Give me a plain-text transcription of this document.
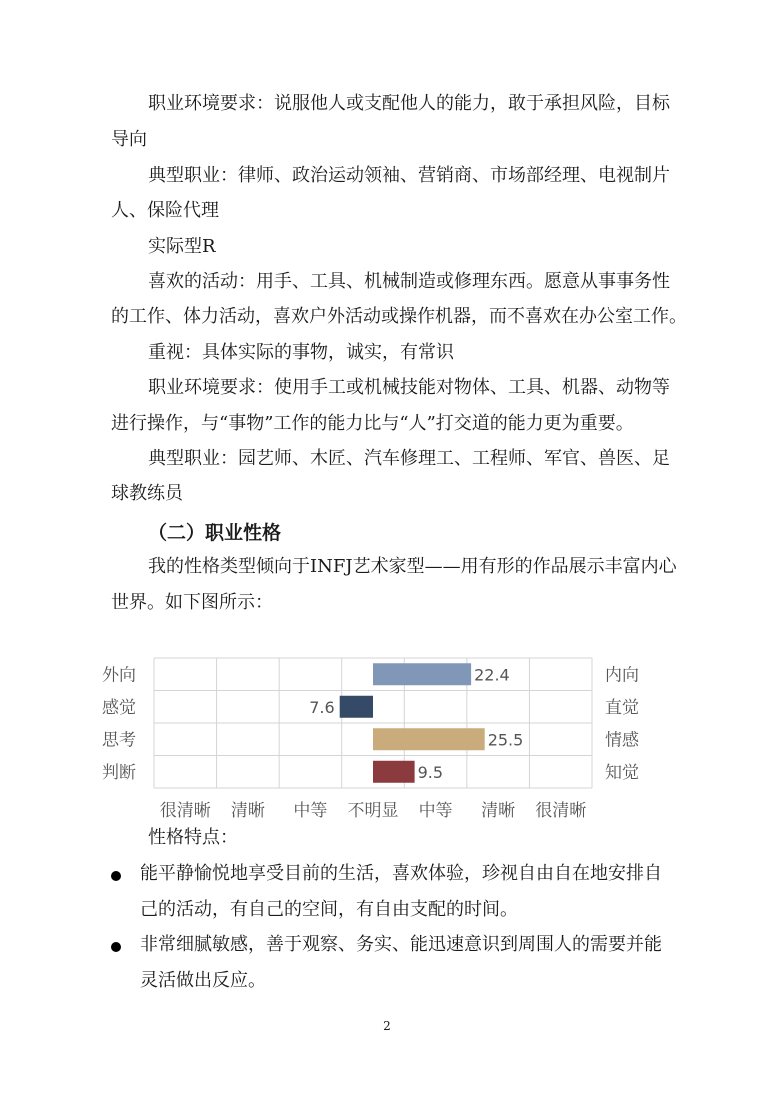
职业环境要求：说服他人或支配他人的能力，敢于承担风险，目标
导向
典型职业：律师、政治运动领袖、营销商、市场部经理、电视制片
人、保险代理
实际型R
喜欢的活动：用手、工具、机械制造或修理东西。愿意从事事务性
的工作、体力活动，喜欢户外活动或操作机器，而不喜欢在办公室工作。
重视：具体实际的事物，诚实，有常识
职业环境要求：使用手工或机械技能对物体、工具、机器、动物等
进行操作，与“事物”工作的能力比与“人”打交道的能力更为重要。
典型职业：园艺师、木匠、汽车修理工、工程师、军官、兽医、足
球教练员
（二）职业性格
我的性格类型倾向于INFJ艺术家型——用有形的作品展示丰富内心
世界。如下图所示：
22.4
外向	内向
7.6
感觉	直觉
25.5
思考	情感
9.5
判断	知觉
很清晰 清晰 中等 不明显 中等 清晰 很清晰
性格特点：
能平静愉悦地享受目前的生活，喜欢体验，珍视自由自在地安排自
己的活动，有自己的空间，有自由支配的时间。
非常细腻敏感，善于观察、务实、能迅速意识到周围人的需要并能
灵活做出反应。
2
